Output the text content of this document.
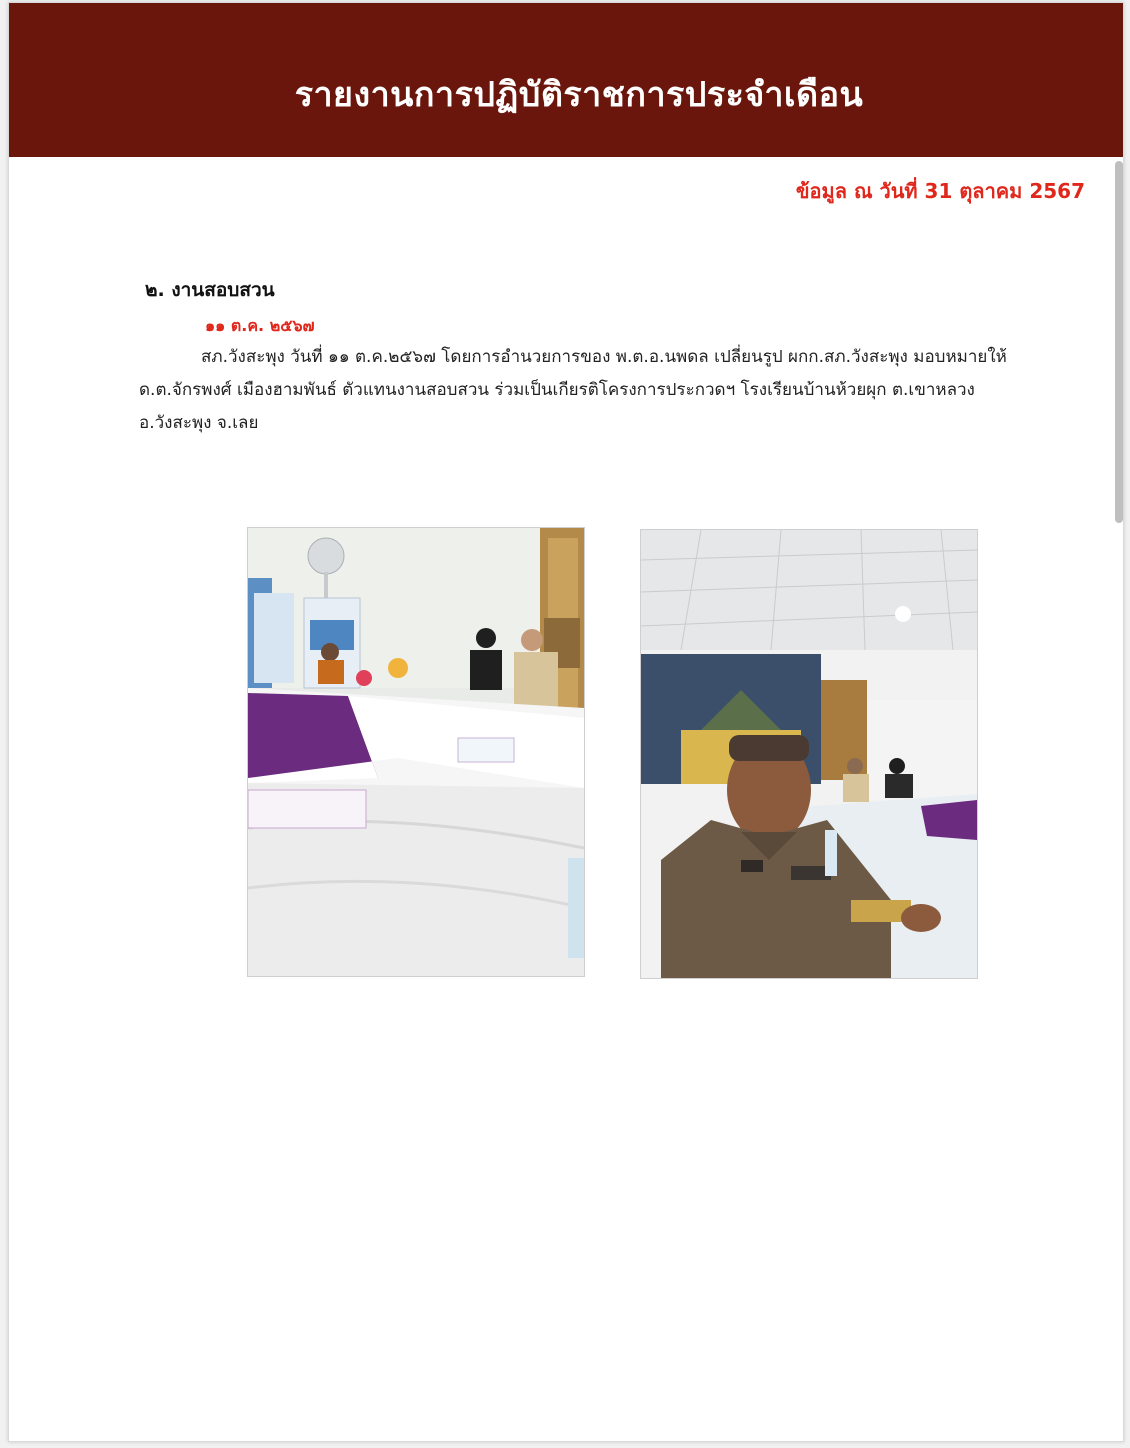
รายงานการปฏิบัติราชการประจำเดือน
ข้อมูล ณ วันที่ 31 ตุลาคม 2567
๒. งานสอบสวน
๑๑ ต.ค. ๒๕๖๗
สภ.วังสะพุง วันที่ ๑๑ ต.ค.๒๕๖๗ โดยการอำนวยการของ พ.ต.อ.นพดล เปลี่ยนรูป ผกก.สภ.วังสะพุง มอบหมายให้ ด.ต.จักรพงศ์ เมืองฮามพันธ์ ตัวแทนงานสอบสวน ร่วมเป็นเกียรติโครงการประกวดฯ โรงเรียนบ้านห้วยผุก ต.เขาหลวง อ.วังสะพุง จ.เลย
